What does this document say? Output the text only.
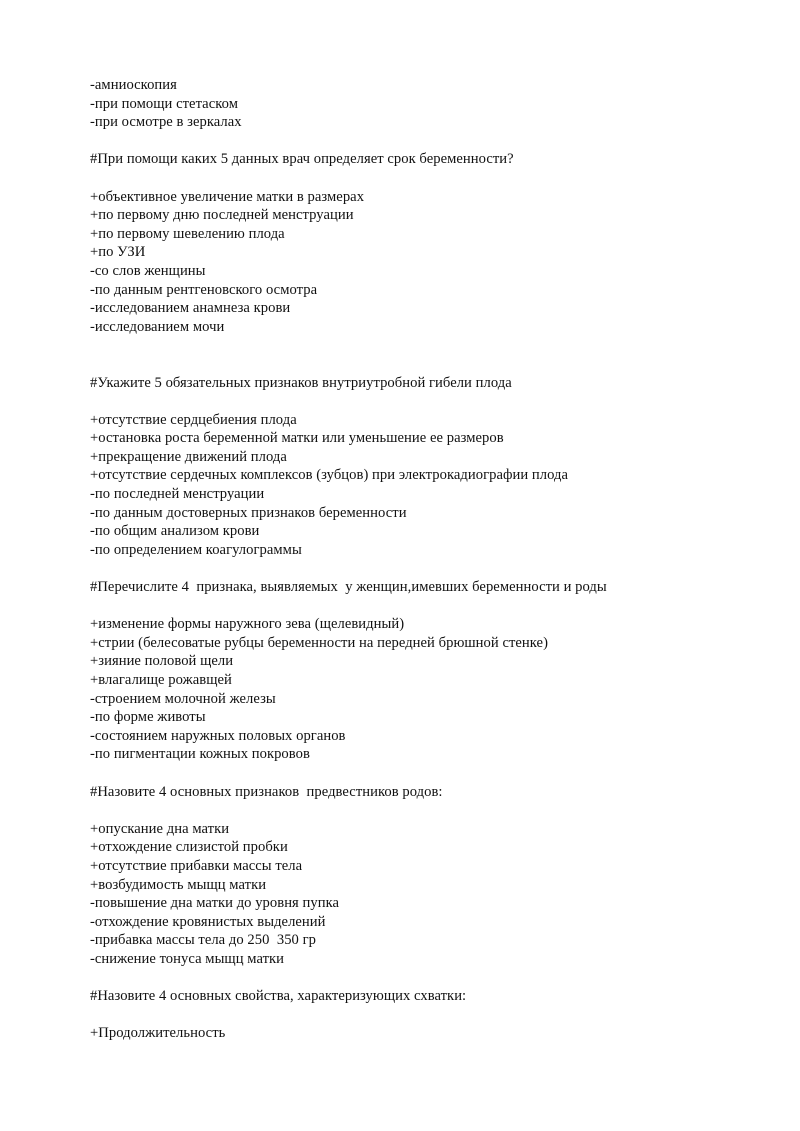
-амниоскопия
-при помощи стетаском
-при осмотре в зеркалах
#При помощи каких 5 данных врач определяет срок беременности?
+объективное увеличение матки в размерах
+по первому дню последней менструации
+по первому шевелению плода
+по УЗИ
-со слов женщины
-по данным рентгеновского осмотра
-исследованием анамнеза крови
-исследованием мочи
#Укажите 5 обязательных признаков внутриутробной гибели плода
+отсутствие сердцебиения плода
+остановка роста беременной матки или уменьшение ее размеров
+прекращение движений плода
+отсутствие сердечных комплексов (зубцов) при электрокадиографии плода
-по последней менструации
-по данным достоверных признаков беременности
-по общим анализом крови
-по определением коагулограммы
#Перечислите 4  признака, выявляемых  у женщин,имевших беременности и роды
+изменение формы наружного зева (щелевидный)
+стрии (белесоватые рубцы беременности на передней брюшной стенке)
+зияние половой щели
+влагалище рожавщей
-строением молочной железы
-по форме животы
-состоянием наружных половых органов
-по пигментации кожных покровов
#Назовите 4 основных признаков  предвестников родов:
+опускание дна матки
+отхождение слизистой пробки
+отсутствие прибавки массы тела
+возбудимость мыщц матки
-повышение дна матки до уровня пупка
-отхождение кровянистых выделений
-прибавка массы тела до 250  350 гр
-снижение тонуса мыщц матки
#Назовите 4 основных свойства, характеризующих схватки:
+Продолжительность
